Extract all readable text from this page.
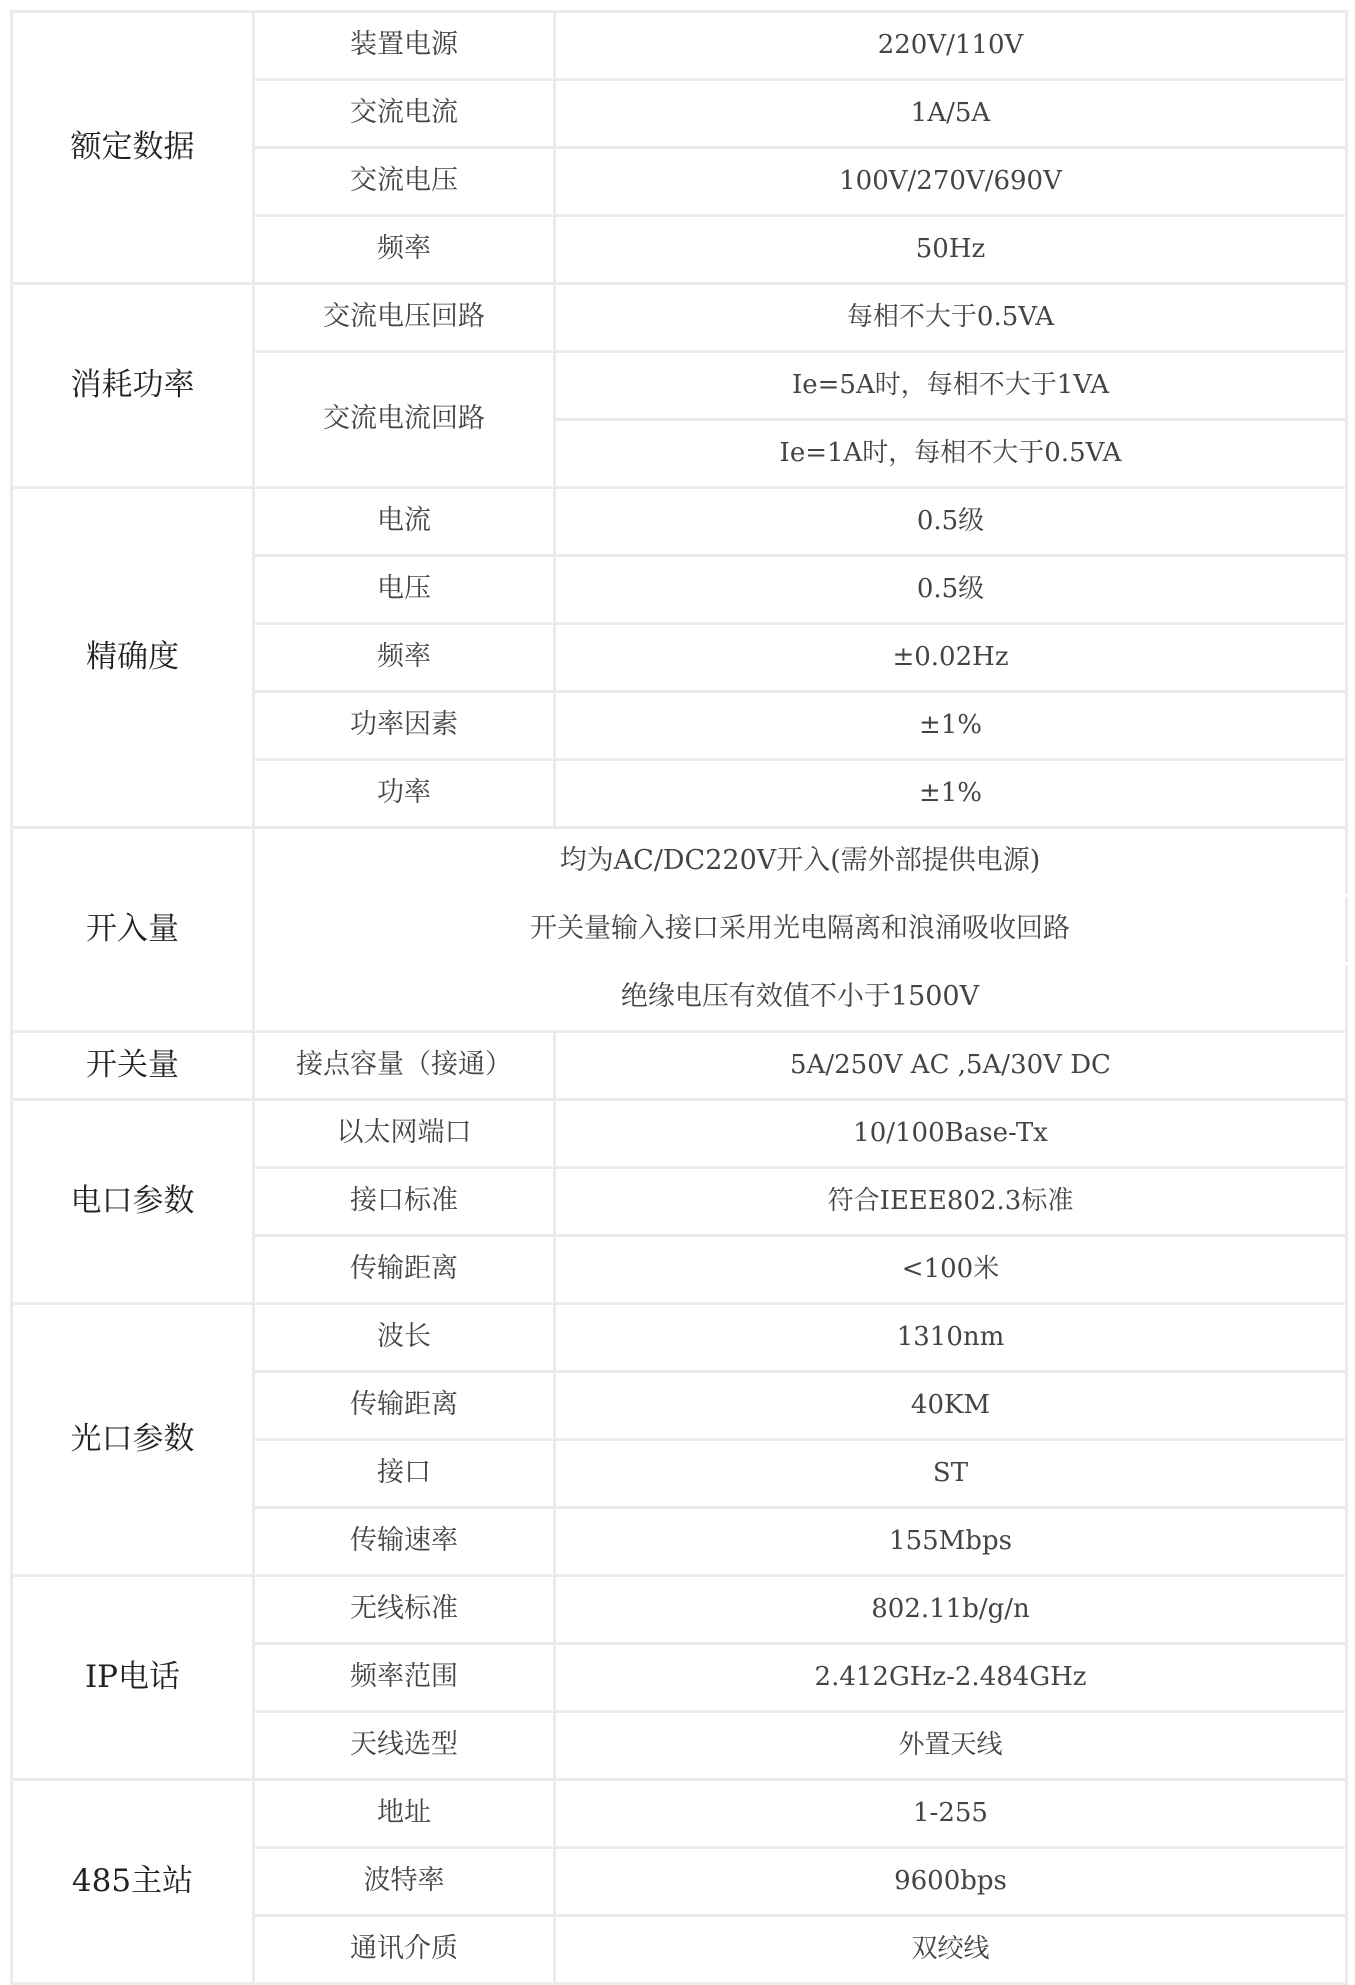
额定数据	装置电源	220V/110V
	交流电流	1A/5A
	交流电压	100V/270V/690V
	频率	50Hz
消耗功率	交流电压回路	每相不大于0.5VA
	交流电流回路	Ie=5A时，每相不大于1VA
		Ie=1A时，每相不大于0.5VA
精确度	电流	0.5级
	电压	0.5级
	频率	±0.02Hz
	功率因素	±1%
	功率	±1%
开入量	均为AC/DC220V开入(需外部提供电源)	
	开关量输入接口采用光电隔离和浪涌吸收回路	
	绝缘电压有效值不小于1500V	
开关量	接点容量（接通）	5A/250V AC ,5A/30V DC
电口参数	以太网端口	10/100Base-Tx
	接口标准	符合IEEE802.3标准
	传输距离	<100米
光口参数	波长	1310nm
	传输距离	40KM
	接口	ST
	传输速率	155Mbps
IP电话	无线标准	802.11b/g/n
	频率范围	2.412GHz-2.484GHz
	天线选型	外置天线
485主站	地址	1-255
	波特率	9600bps
	通讯介质	双绞线
